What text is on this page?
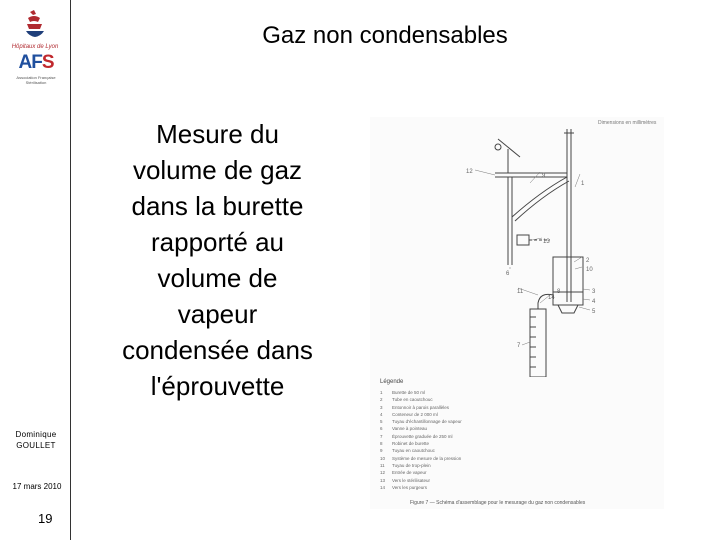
Hôpitaux de Lyon
AFS
Association Française Stérilisation
Dominique
GOULLET
17 mars 2010
19
Gaz non condensables
Mesure du
volume de gaz
dans la burette
rapporté au
volume de
vapeur
condensée dans
l'éprouvette
Dimensions en millimètres
12
9
1
13
2
10
11	3
4
5
6
14
8
7
Légende
1 Burette de 50 ml
2 Tube en caoutchouc
3 Entonnoir à parois parallèles
4 Conteneur de 2 000 ml
5 Tuyau d'échantillonnage de vapeur
6 Vanne à pointeau
7 Éprouvette graduée de 250 ml
8 Robinet de burette
9 Tuyau en caoutchouc
10 Système de mesure de la pression
11 Tuyau de trop-plein
12 Entrée de vapeur
13 Vers le stérilisateur
14 Vers les purgeurs
Figure 7 — Schéma d'assemblage pour le mesurage du gaz non condensables
